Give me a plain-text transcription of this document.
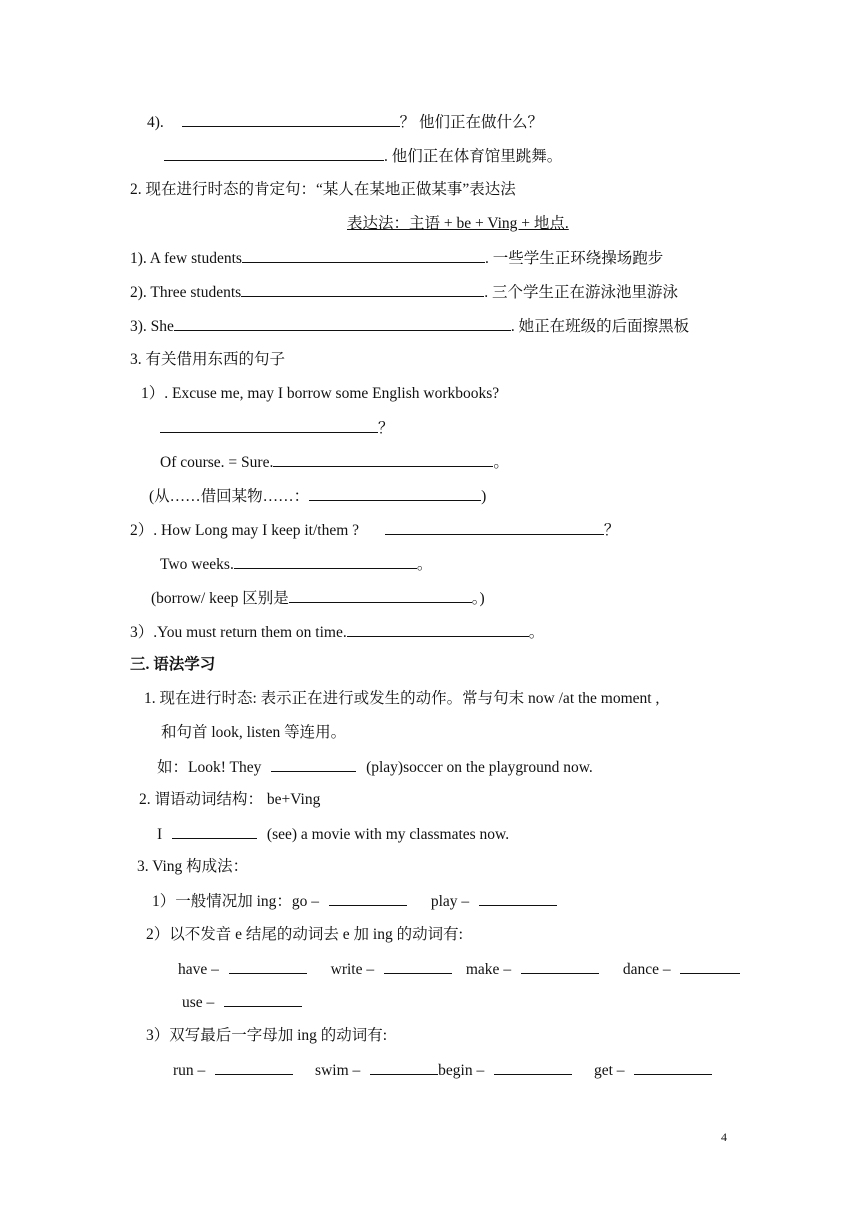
4).	？ 他们正在做什么？
. 他们正在体育馆里跳舞。
2. 现在进行时态的肯定句：“某人在某地正做某事”表达法
表达法：主语 + be + Ving + 地点.
1). A few students	. 一些学生正环绕操场跑步
2). Three students	. 三个学生正在游泳池里游泳
3). She	. 她正在班级的后面擦黑板
3. 有关借用东西的句子
1）. Excuse me, may I borrow some English workbooks?
？
Of course. = Sure.	。
(从……借回某物……：	)
2）. How Long may I keep it/them ?	？
Two weeks.	。
(borrow/ keep 区别是	。)
3）.You must return them on time.	。
三. 语法学习
1. 现在进行时态: 表示正在进行或发生的动作。常与句末 now /at the moment ,
和句首 look, listen 等连用。
如：Look! They	(play)soccer on the playground now.
2. 谓语动词结构： be+Ving
I	(see) a movie with my classmates now.
3. Ving 构成法：
1）一般情况加 ing：go –	play –
2）以不发音 e 结尾的动词去 e 加 ing 的动词有:
have –	write –	make –	dance –
use –
3）双写最后一字母加 ing 的动词有:
run –	swim –	begin –	get –
4
